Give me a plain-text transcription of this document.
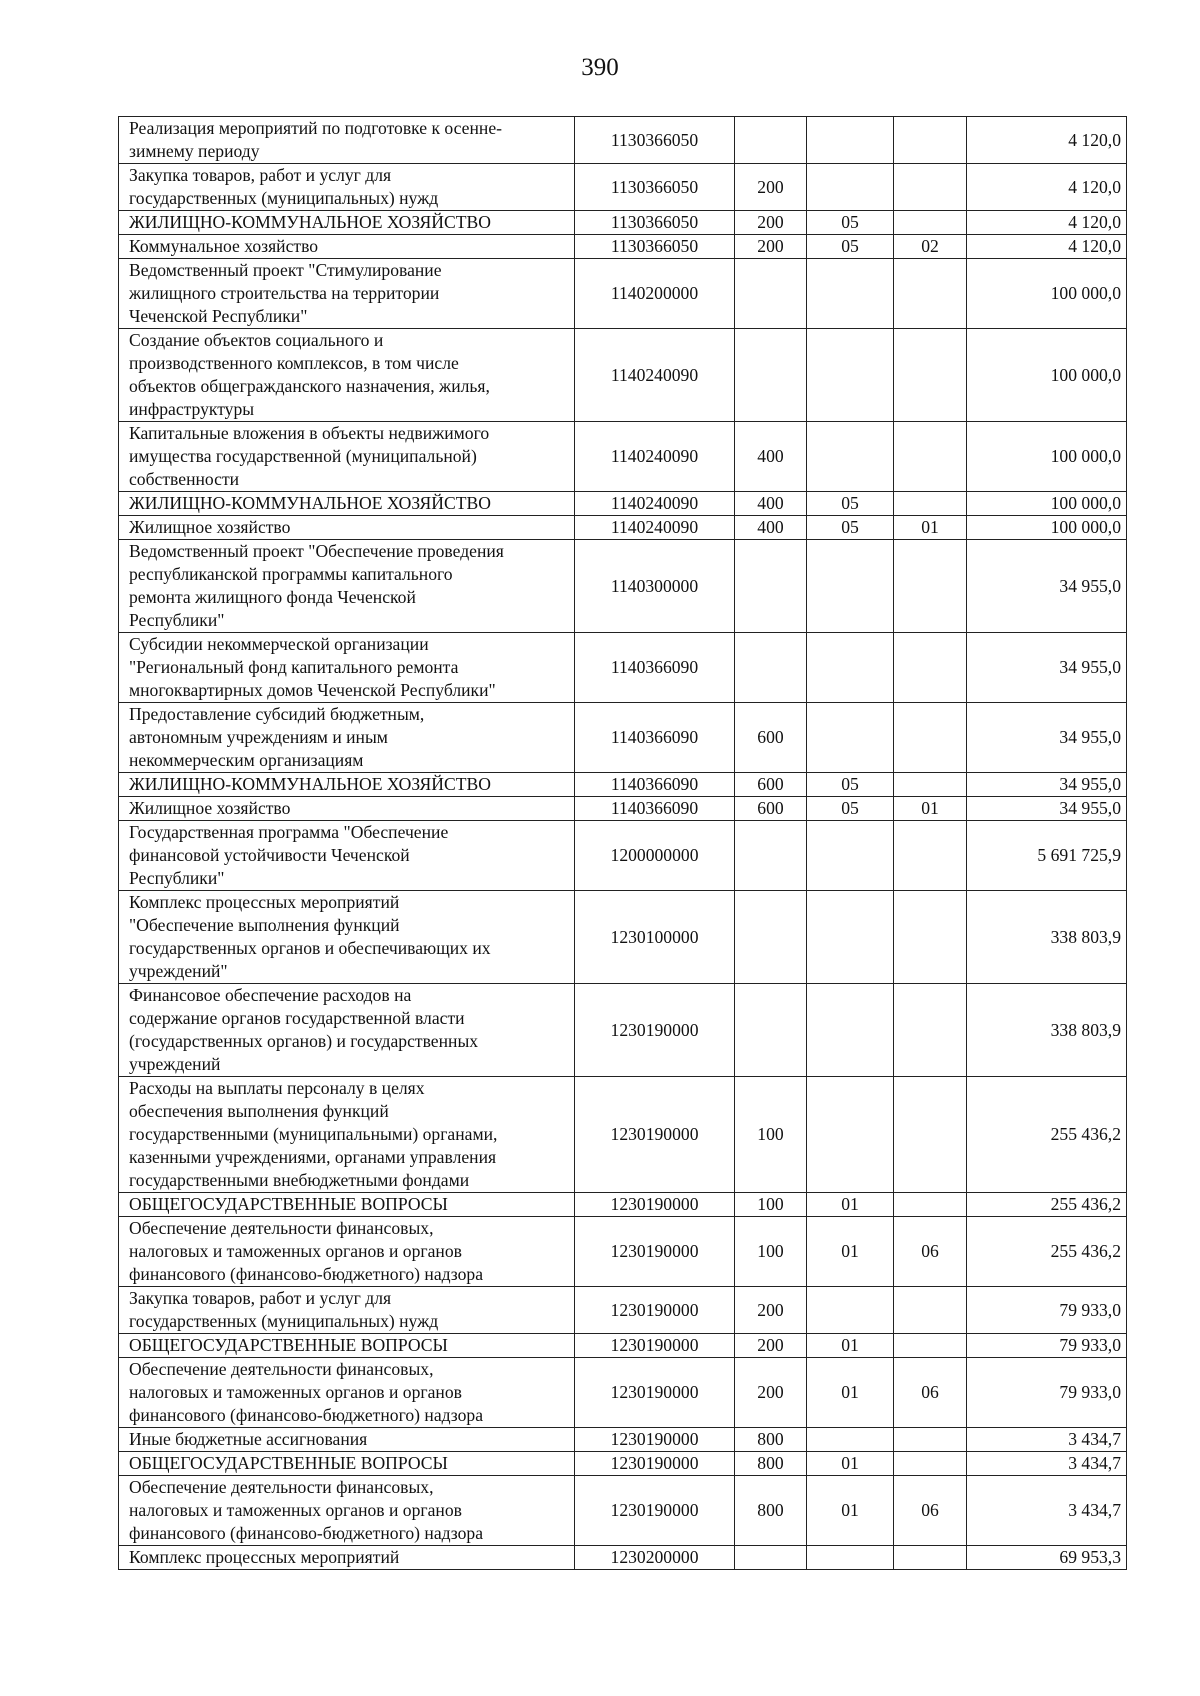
390
Реализация мероприятий по подготовке к осенне-
зимнему периоду	1130366050				4 120,0

Закупка товаров, работ и услуг для
государственных (муниципальных) нужд	1130366050	200			4 120,0

ЖИЛИЩНО-КОММУНАЛЬНОЕ ХОЗЯЙСТВО	1130366050	200	05		4 120,0

Коммунальное хозяйство	1130366050	200	05	02	4 120,0

Ведомственный проект "Стимулирование
жилищного строительства на территории
Чеченской Республики"	1140200000				100 000,0

Создание объектов социального и
производственного комплексов, в том числе
объектов общегражданского назначения, жилья,
инфраструктуры	1140240090				100 000,0

Капитальные вложения в объекты недвижимого
имущества государственной (муниципальной)
собственности	1140240090	400			100 000,0

ЖИЛИЩНО-КОММУНАЛЬНОЕ ХОЗЯЙСТВО	1140240090	400	05		100 000,0

Жилищное хозяйство	1140240090	400	05	01	100 000,0

Ведомственный проект "Обеспечение проведения
республиканской программы капитального
ремонта жилищного фонда Чеченской
Республики"	1140300000				34 955,0

Субсидии некоммерческой организации
"Региональный фонд капитального ремонта
многоквартирных домов Чеченской Республики"	1140366090				34 955,0

Предоставление субсидий бюджетным,
автономным учреждениям и иным
некоммерческим организациям	1140366090	600			34 955,0

ЖИЛИЩНО-КОММУНАЛЬНОЕ ХОЗЯЙСТВО	1140366090	600	05		34 955,0

Жилищное хозяйство	1140366090	600	05	01	34 955,0

Государственная программа "Обеспечение
финансовой устойчивости Чеченской
Республики"	1200000000				5 691 725,9

Комплекс процессных мероприятий
"Обеспечение выполнения функций
государственных органов и обеспечивающих их
учреждений"	1230100000				338 803,9

Финансовое обеспечение расходов на
содержание органов государственной власти
(государственных органов) и государственных
учреждений	1230190000				338 803,9

Расходы на выплаты персоналу в целях
обеспечения выполнения функций
государственными (муниципальными) органами,
казенными учреждениями, органами управления
государственными внебюджетными фондами	1230190000	100			255 436,2

ОБЩЕГОСУДАРСТВЕННЫЕ ВОПРОСЫ	1230190000	100	01		255 436,2

Обеспечение деятельности финансовых,
налоговых и таможенных органов и органов
финансового (финансово-бюджетного) надзора	1230190000	100	01	06	255 436,2

Закупка товаров, работ и услуг для
государственных (муниципальных) нужд	1230190000	200			79 933,0

ОБЩЕГОСУДАРСТВЕННЫЕ ВОПРОСЫ	1230190000	200	01		79 933,0

Обеспечение деятельности финансовых,
налоговых и таможенных органов и органов
финансового (финансово-бюджетного) надзора	1230190000	200	01	06	79 933,0

Иные бюджетные ассигнования	1230190000	800			3 434,7

ОБЩЕГОСУДАРСТВЕННЫЕ ВОПРОСЫ	1230190000	800	01		3 434,7

Обеспечение деятельности финансовых,
налоговых и таможенных органов и органов
финансового (финансово-бюджетного) надзора	1230190000	800	01	06	3 434,7

Комплекс процессных мероприятий	1230200000				69 953,3
